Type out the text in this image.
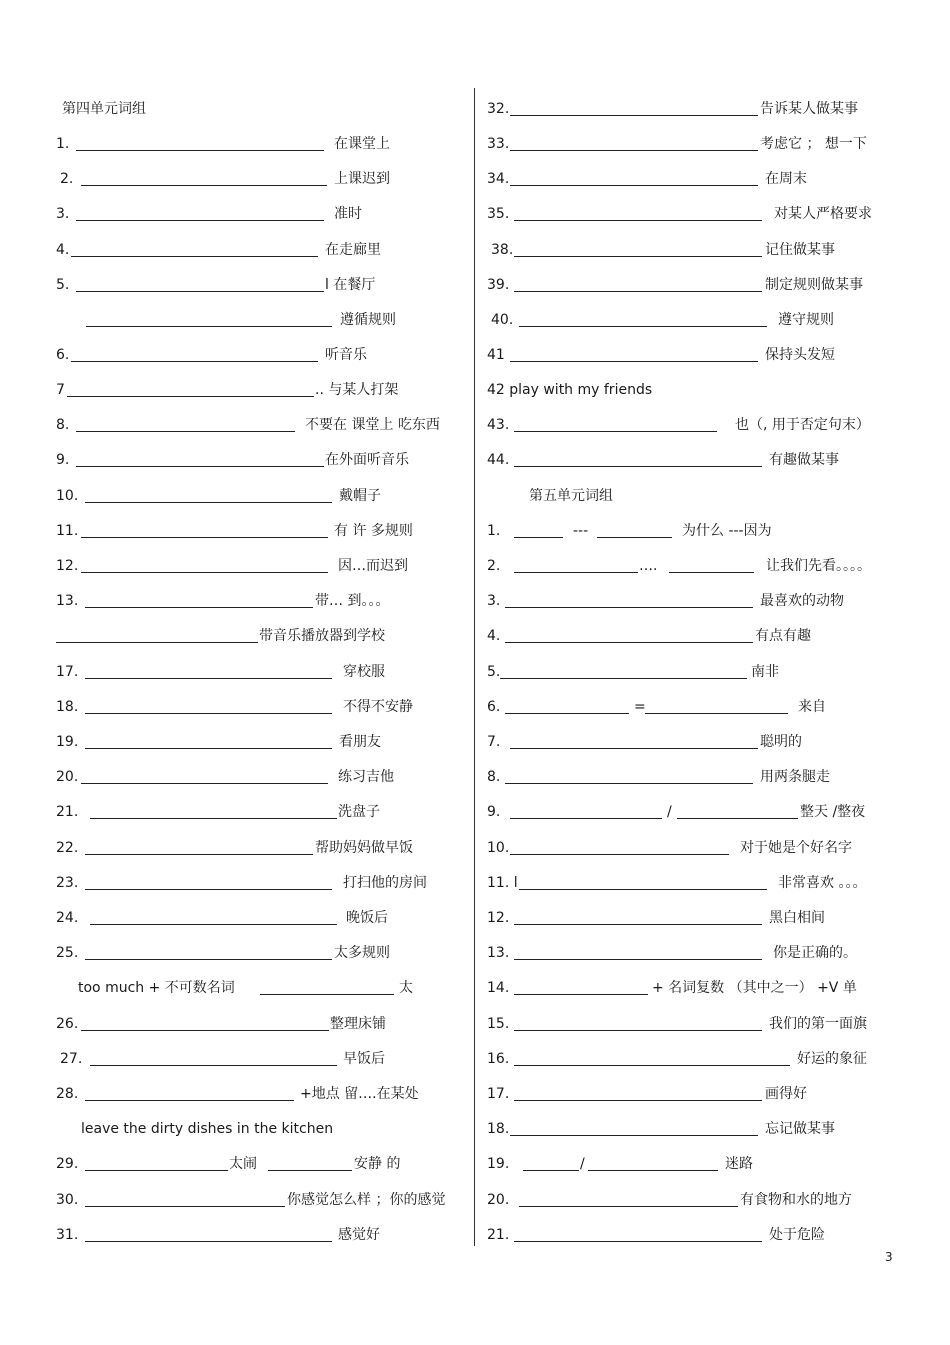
第四单元词组
1.	在课堂上
2.	上课迟到
3.	准时
4.	在走廊里
5.	l 在餐厅
遵循规则
6.	听音乐
7	.. 与某人打架
8.	不要在 课堂上 吃东西
9.	在外面听音乐
10.	戴帽子
11.	有 许 多规则
12.	因…而迟到
13.	带… 到。。。
带音乐播放器到学校
17.	穿校服
18.	不得不安静
19.	看朋友
20.	练习吉他
21.	洗盘子
22.	帮助妈妈做早饭
23.	打扫他的房间
24.	晚饭后
25.	太多规则
too much + 不可数名词	太
26.	整理床铺
27.	早饭后
28.	+地点 留….在某处
leave the dirty dishes in the kitchen
29.	太闹	安静 的
30.	你感觉怎么样 ；你的感觉
31.	感觉好
32.	告诉某人做某事
33.	考虑它 ； 想一下
34.	在周末
35.	对某人严格要求
38.	记住做某事
39.	制定规则做某事
40.	遵守规则
41	保持头发短
42 play with my friends
43.	也（, 用于否定句末）
44.	有趣做某事
第五单元词组
1.	---	为什么 ---因为
2.	….	让我们先看。。。。
3.	最喜欢的动物
4.	有点有趣
5.	南非
6.	=	来自
7.	聪明的
8.	用两条腿走
9.	/	整天 /整夜
10.	对于她是个好名字
11. l	非常喜欢 。。。
12.	黑白相间
13.	你是正确的。
14.	+ 名词复数 （其中之一） +V 单
15.	我们的第一面旗
16.	好运的象征
17.	画得好
18.	忘记做某事
19.	/	迷路
20.	有食物和水的地方
21.	处于危险
3
